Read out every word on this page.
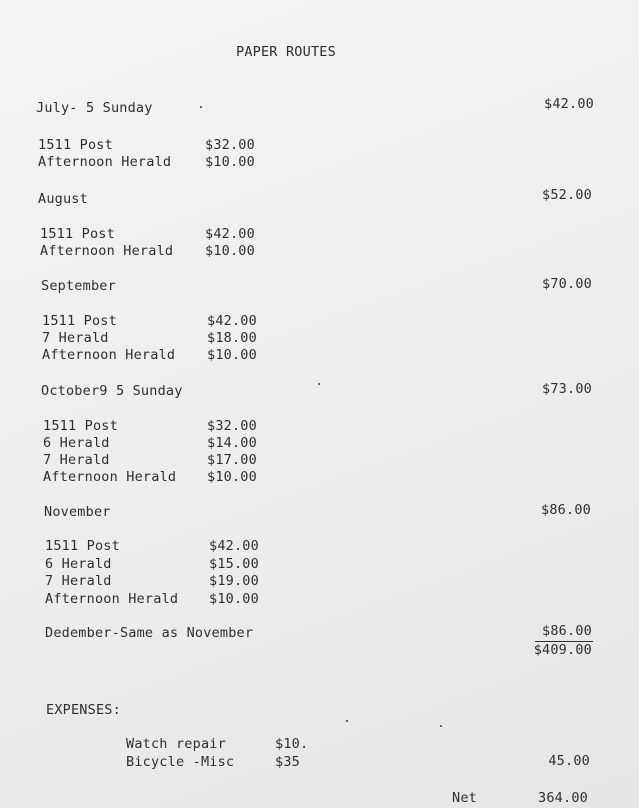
PAPER ROUTES
July- 5 Sunday	$42.00
1511 Post	$32.00
Afternoon Herald	$10.00
August	$52.00
1511 Post	$42.00
Afternoon Herald $10.00
September	$70.00
1511 Post	$42.00
7 Herald	$18.00
Afternoon Herald $10.00
October9 5 Sunday	$73.00
1511 Post	$32.00
6 Herald	$14.00
7 Herald	$17.00
Afternoon Herald $10.00
November	$86.00
1511 Post	$42.00
6 Herald	$15.00
7 Herald	$19.00
Afternoon Herald $10.00
Dedember-Same as November	$86.00
$409.00
EXPENSES:
Watch repair	$10.
Bicycle -Misc	$35	45.00
Net	364.00
